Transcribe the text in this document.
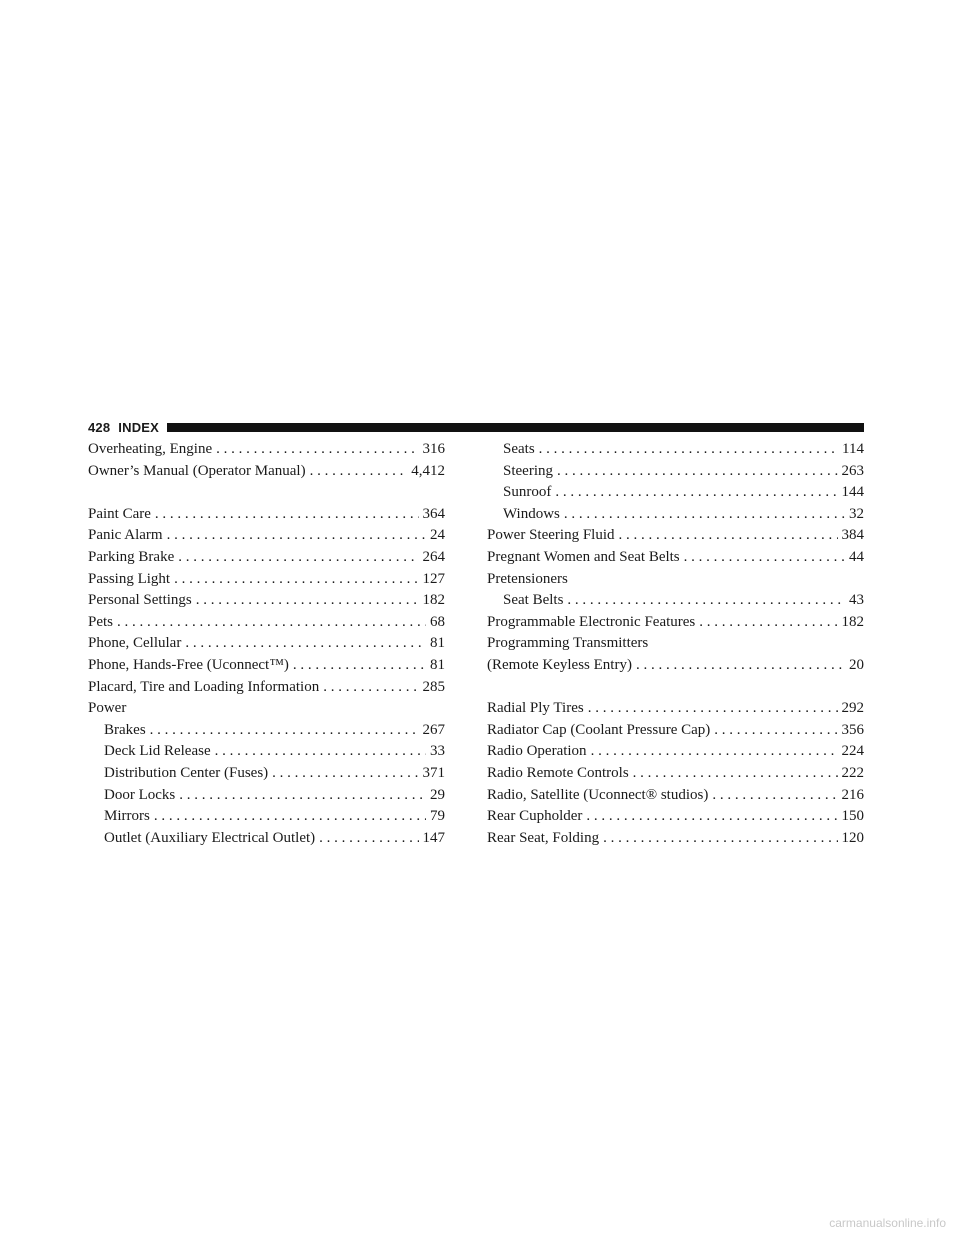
428 INDEX
Overheating, Engine . . .	316
Owner’s Manual (Operator Manual) . . .	4,412
Paint Care . . .	364
Panic Alarm . . .	24
Parking Brake . . .	264
Passing Light . . .	127
Personal Settings . . .	182
Pets . . .	68
Phone, Cellular . . .	81
Phone, Hands-Free (Uconnect™) . . .	81
Placard, Tire and Loading Information . . .	285
Power
Brakes . . .	267
Deck Lid Release . . .	33
Distribution Center (Fuses) . . .	371
Door Locks . . .	29
Mirrors . . .	79
Outlet (Auxiliary Electrical Outlet) . . .	147
Seats . . .	114
Steering . . .	263
Sunroof . . .	144
Windows . . .	32
Power Steering Fluid . . .	384
Pregnant Women and Seat Belts . . .	44
Pretensioners
Seat Belts . . .	43
Programmable Electronic Features . . .	182
Programming Transmitters
(Remote Keyless Entry) . . .	20
Radial Ply Tires . . .	292
Radiator Cap (Coolant Pressure Cap) . . .	356
Radio Operation . . .	224
Radio Remote Controls . . .	222
Radio, Satellite (Uconnect® studios) . . .	216
Rear Cupholder . . .	150
Rear Seat, Folding . . .	120
carmanualsonline.info
